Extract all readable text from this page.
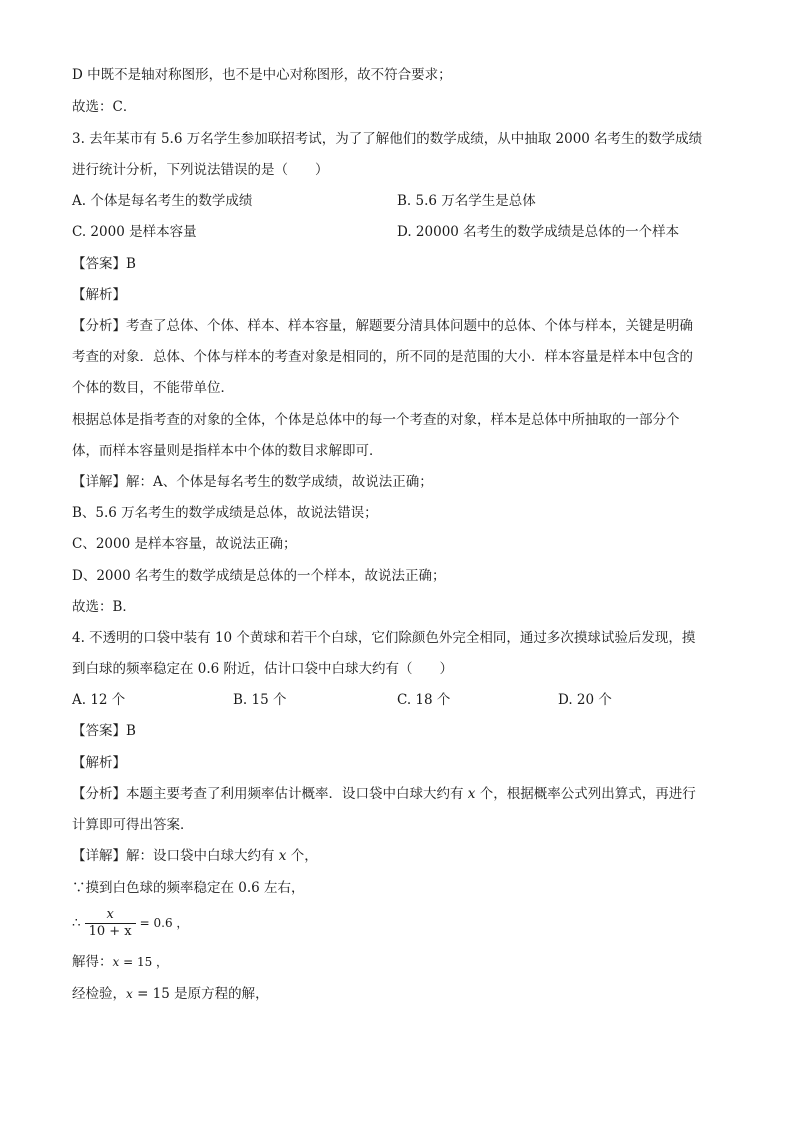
D 中既不是轴对称图形，也不是中心对称图形，故不符合要求；
故选：C．
3. 去年某市有 5.6 万名学生参加联招考试，为了了解他们的数学成绩，从中抽取 2000 名考生的数学成绩
进行统计分析，下列说法错误的是（　　）
A. 个体是每名考生的数学成绩	B. 5.6 万名学生是总体
C. 2000 是样本容量	D. 20000 名考生的数学成绩是总体的一个样本
【答案】B
【解析】
【分析】考查了总体、个体、样本、样本容量，解题要分清具体问题中的总体、个体与样本，关键是明确
考查的对象．总体、个体与样本的考查对象是相同的，所不同的是范围的大小．样本容量是样本中包含的
个体的数目，不能带单位．
根据总体是指考查的对象的全体，个体是总体中的每一个考查的对象，样本是总体中所抽取的一部分个
体，而样本容量则是指样本中个体的数目求解即可．
【详解】解：A、个体是每名考生的数学成绩，故说法正确；
B、5.6 万名考生的数学成绩是总体，故说法错误；
C、2000 是样本容量，故说法正确；
D、2000 名考生的数学成绩是总体的一个样本，故说法正确；
故选：B．
4. 不透明的口袋中装有 10 个黄球和若干个白球，它们除颜色外完全相同，通过多次摸球试验后发现，摸
到白球的频率稳定在 0.6 附近，估计口袋中白球大约有（　　）
A. 12 个	B. 15 个	C. 18 个	D. 20 个
【答案】B
【解析】
【分析】本题主要考查了利用频率估计概率．设口袋中白球大约有 x 个，根据概率公式列出算式，再进行
计算即可得出答案．
【详解】解：设口袋中白球大约有 x 个，
∵摸到白色球的频率稳定在 0.6 左右，
∴ $\frac{x}{10 + x} = 0.6$ ，
解得：x = 15 ，
经检验，x = 15 是原方程的解，
